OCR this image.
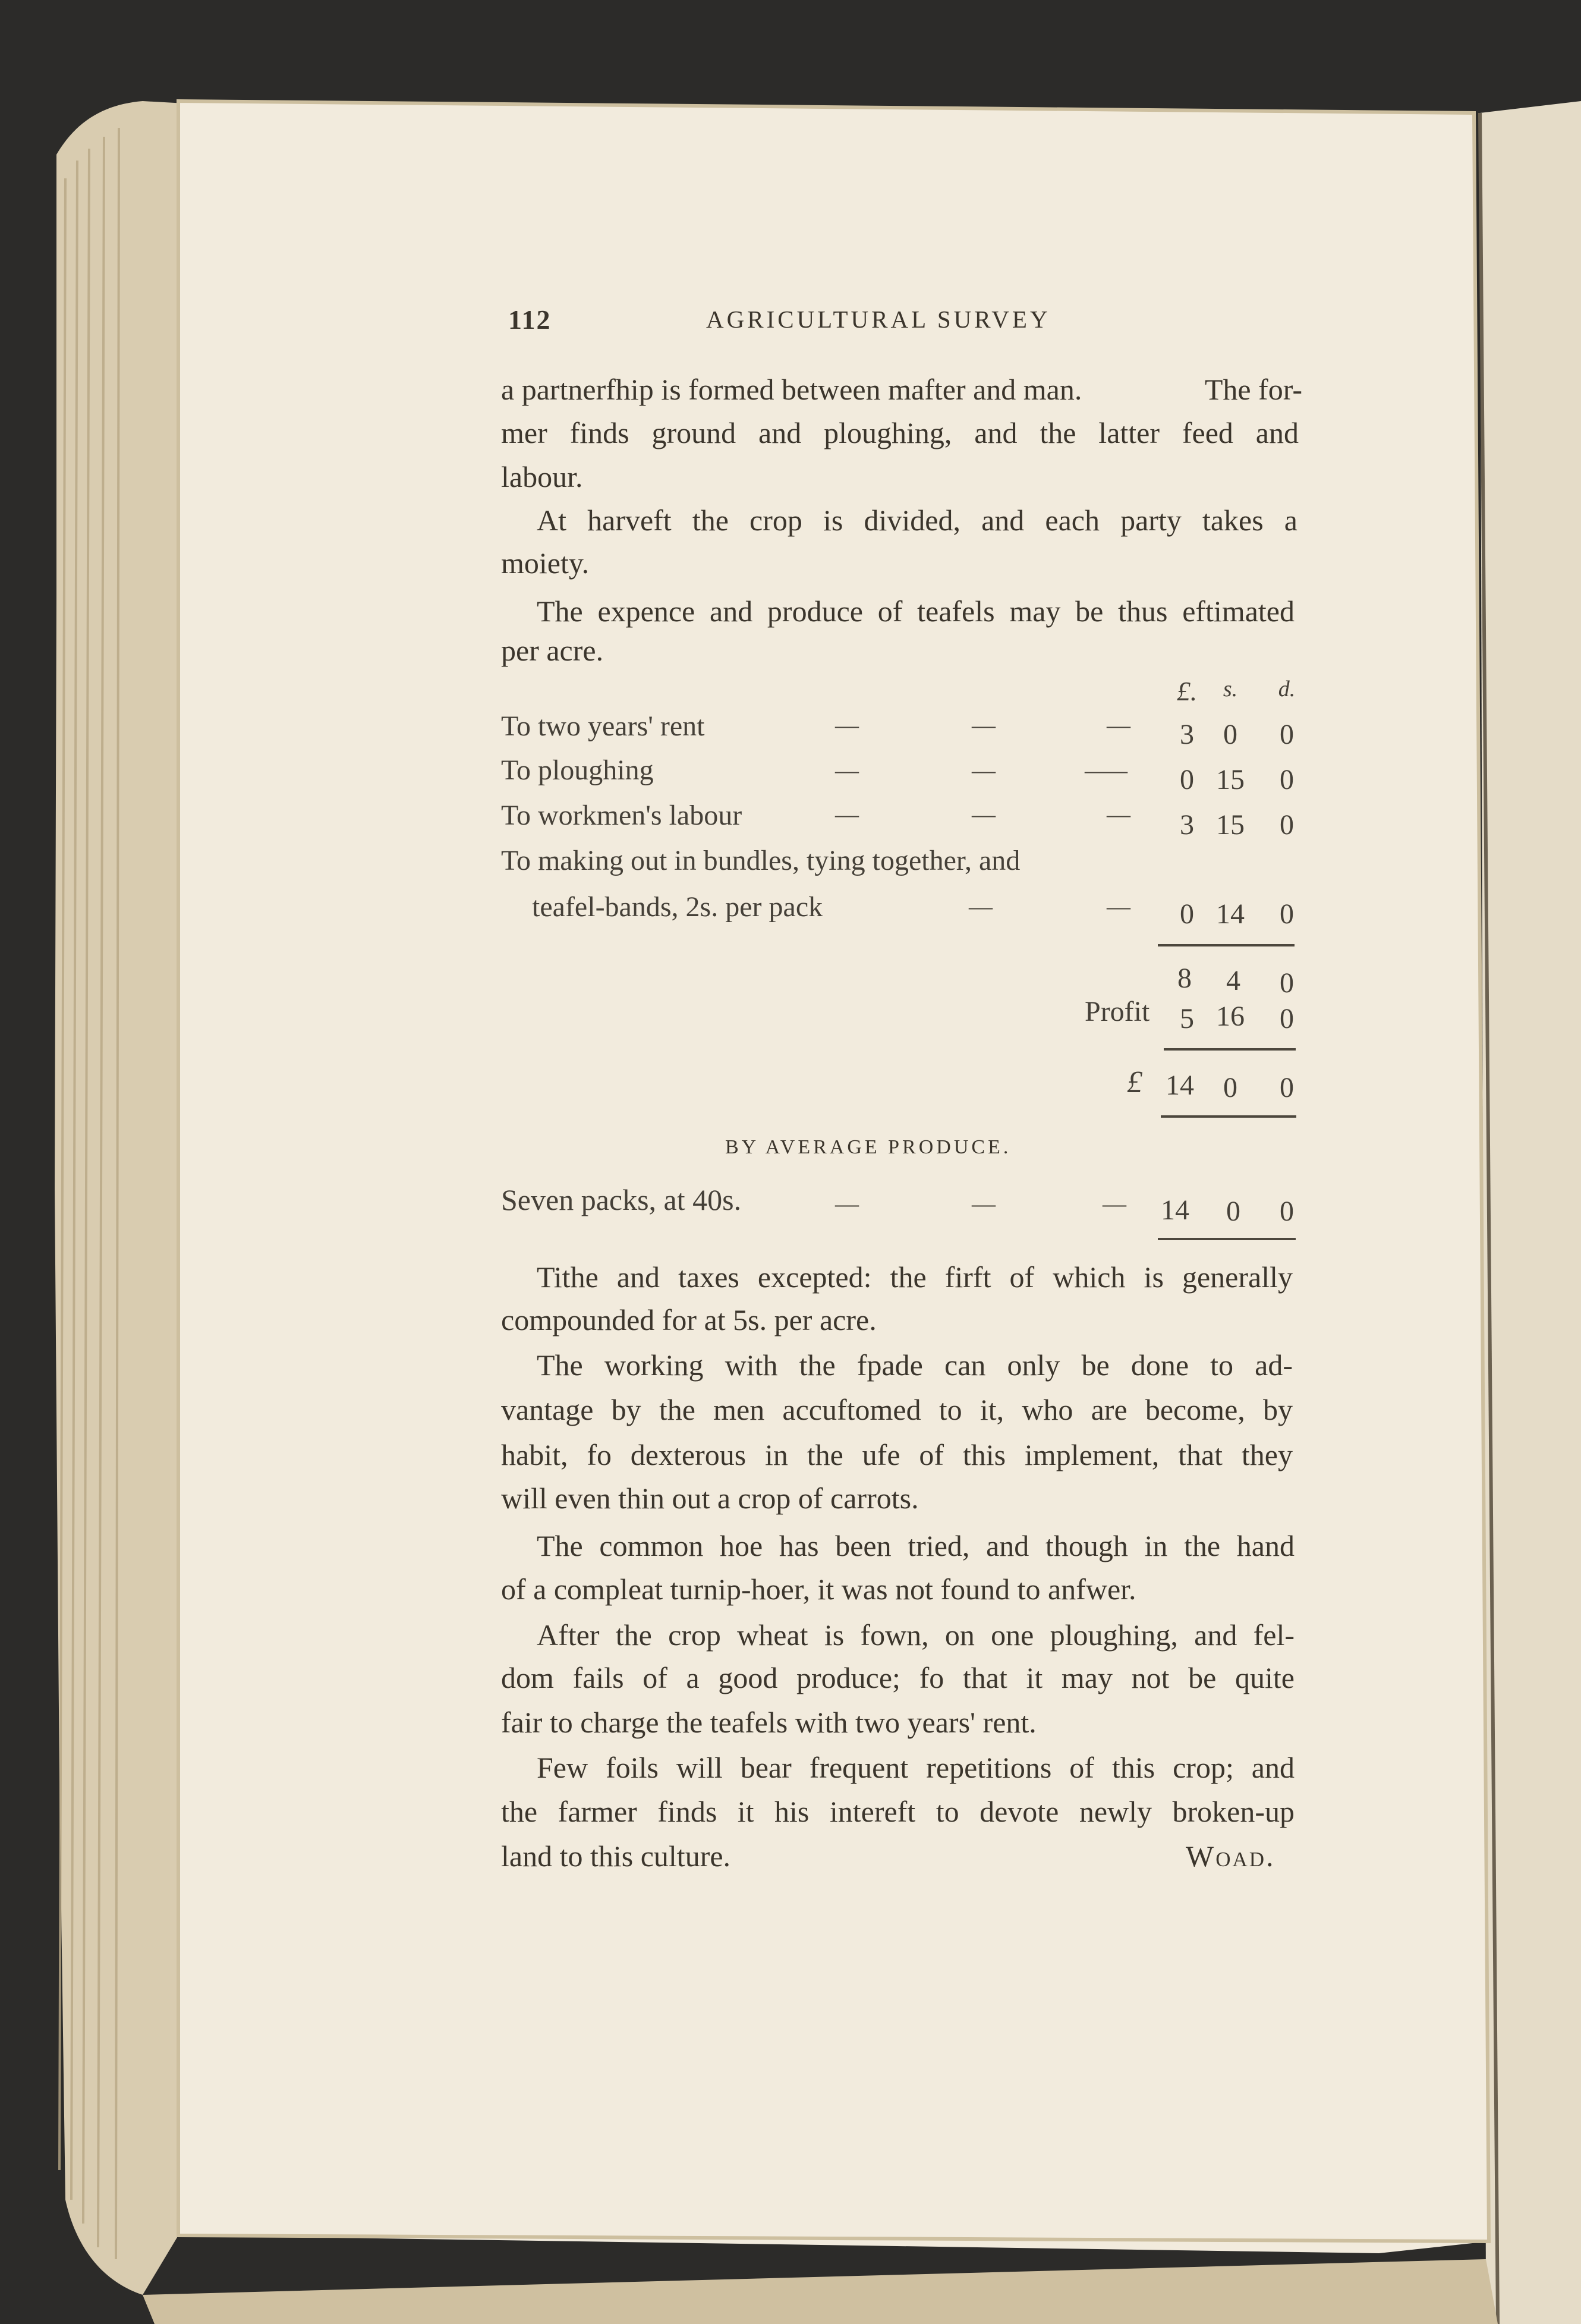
112	AGRICULTURAL SURVEY
a partnerfhip is formed between mafter and man.	The for-
mer finds ground and ploughing, and the latter feed and
labour.
At harveft the crop is divided, and each party takes a
moiety.
The expence and produce of teafels may be thus eftimated
per acre.
£.	s.	d.
To two years' rent	—	—	—	3	0	0
To ploughing	—	—	——	0 15	0
To workmen's labour	—	—	—	3 15	0
To making out in bundles, tying together, and
teafel-bands, 2s. per pack	—	—	0 14	0
8	4	0
Profit	5 16	0
£ 14	0	0
BY AVERAGE PRODUCE.
Seven packs, at 40s.	—	—	— 14	0	0
Tithe and taxes excepted: the firft of which is generally
compounded for at 5s. per acre.
The working with the fpade can only be done to ad-
vantage by the men accuftomed to it, who are become, by
habit, fo dexterous in the ufe of this implement, that they
will even thin out a crop of carrots.
The common hoe has been tried, and though in the hand
of a compleat turnip-hoer, it was not found to anfwer.
After the crop wheat is fown, on one ploughing, and fel-
dom fails of a good produce; fo that it may not be quite
fair to charge the teafels with two years' rent.
Few foils will bear frequent repetitions of this crop; and
the farmer finds it his intereft to devote newly broken-up
land to this culture.	Woad.
